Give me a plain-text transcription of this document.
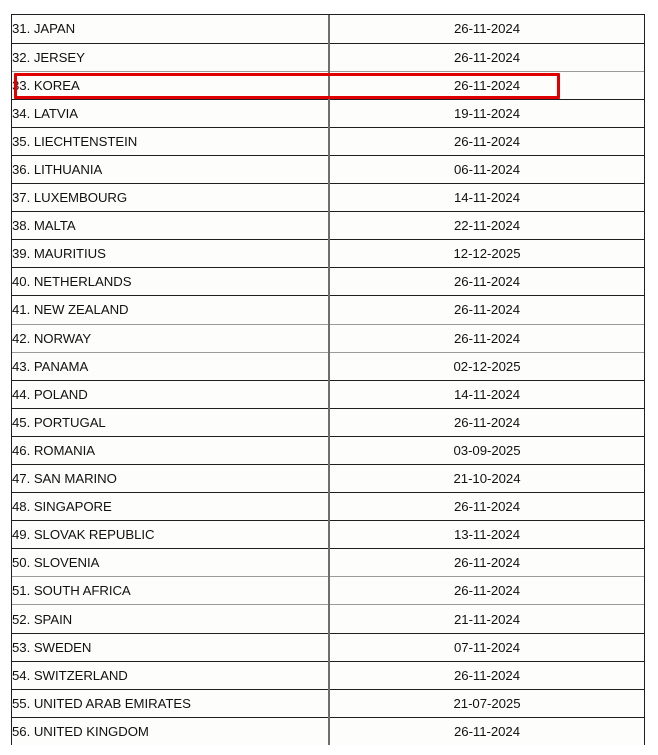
31. JAPAN	26-11-2024
32. JERSEY	26-11-2024
33. KOREA	26-11-2024
34. LATVIA	19-11-2024
35. LIECHTENSTEIN	26-11-2024
36. LITHUANIA	06-11-2024
37. LUXEMBOURG	14-11-2024
38. MALTA	22-11-2024
39. MAURITIUS	12-12-2025
40. NETHERLANDS	26-11-2024
41. NEW ZEALAND	26-11-2024
42. NORWAY	26-11-2024
43. PANAMA	02-12-2025
44. POLAND	14-11-2024
45. PORTUGAL	26-11-2024
46. ROMANIA	03-09-2025
47. SAN MARINO	21-10-2024
48. SINGAPORE	26-11-2024
49. SLOVAK REPUBLIC	13-11-2024
50. SLOVENIA	26-11-2024
51. SOUTH AFRICA	26-11-2024
52. SPAIN	21-11-2024
53. SWEDEN	07-11-2024
54. SWITZERLAND	26-11-2024
55. UNITED ARAB EMIRATES	21-07-2025
56. UNITED KINGDOM	26-11-2024
